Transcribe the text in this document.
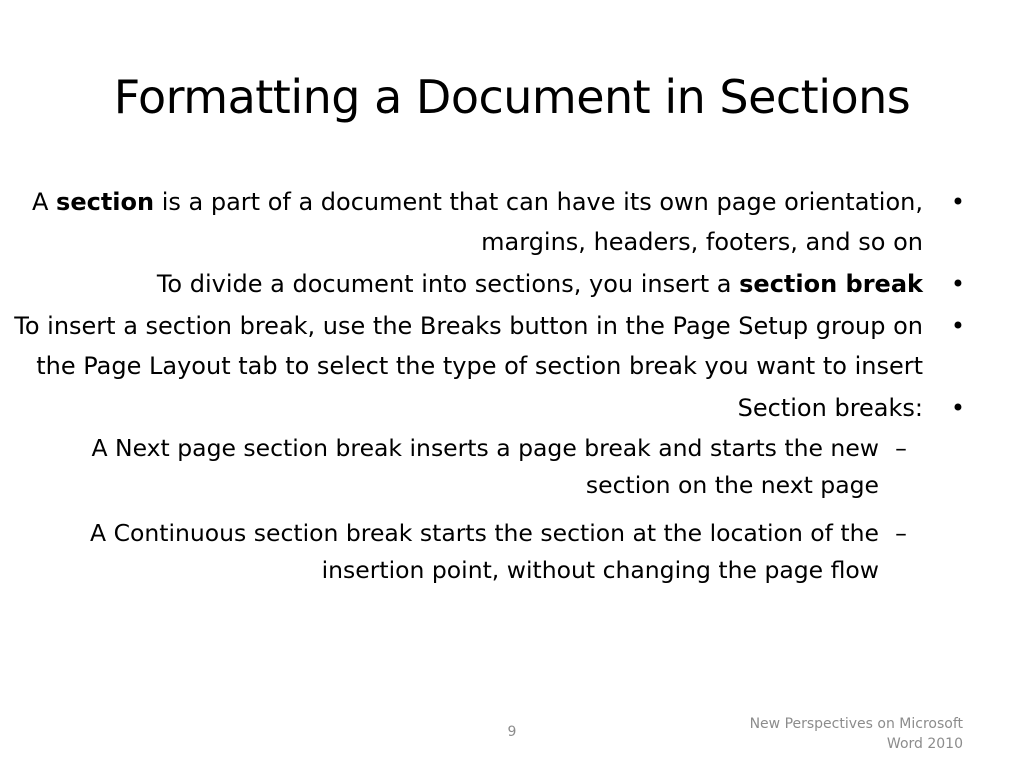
Formatting a Document in Sections
•
A section is a part of a document that can have its own page orientation, margins, headers, footers, and so on
•
To divide a document into sections, you insert a section break
•
To insert a section break, use the Breaks button in the Page Setup group on the Page Layout tab to select the type of section break you want to insert
•
Section breaks:
–
A Next page section break inserts a page break and starts the new section on the next page
–
A Continuous section break starts the section at the location of the insertion point, without changing the page flow
9	New Perspectives on Microsoft Word 2010
